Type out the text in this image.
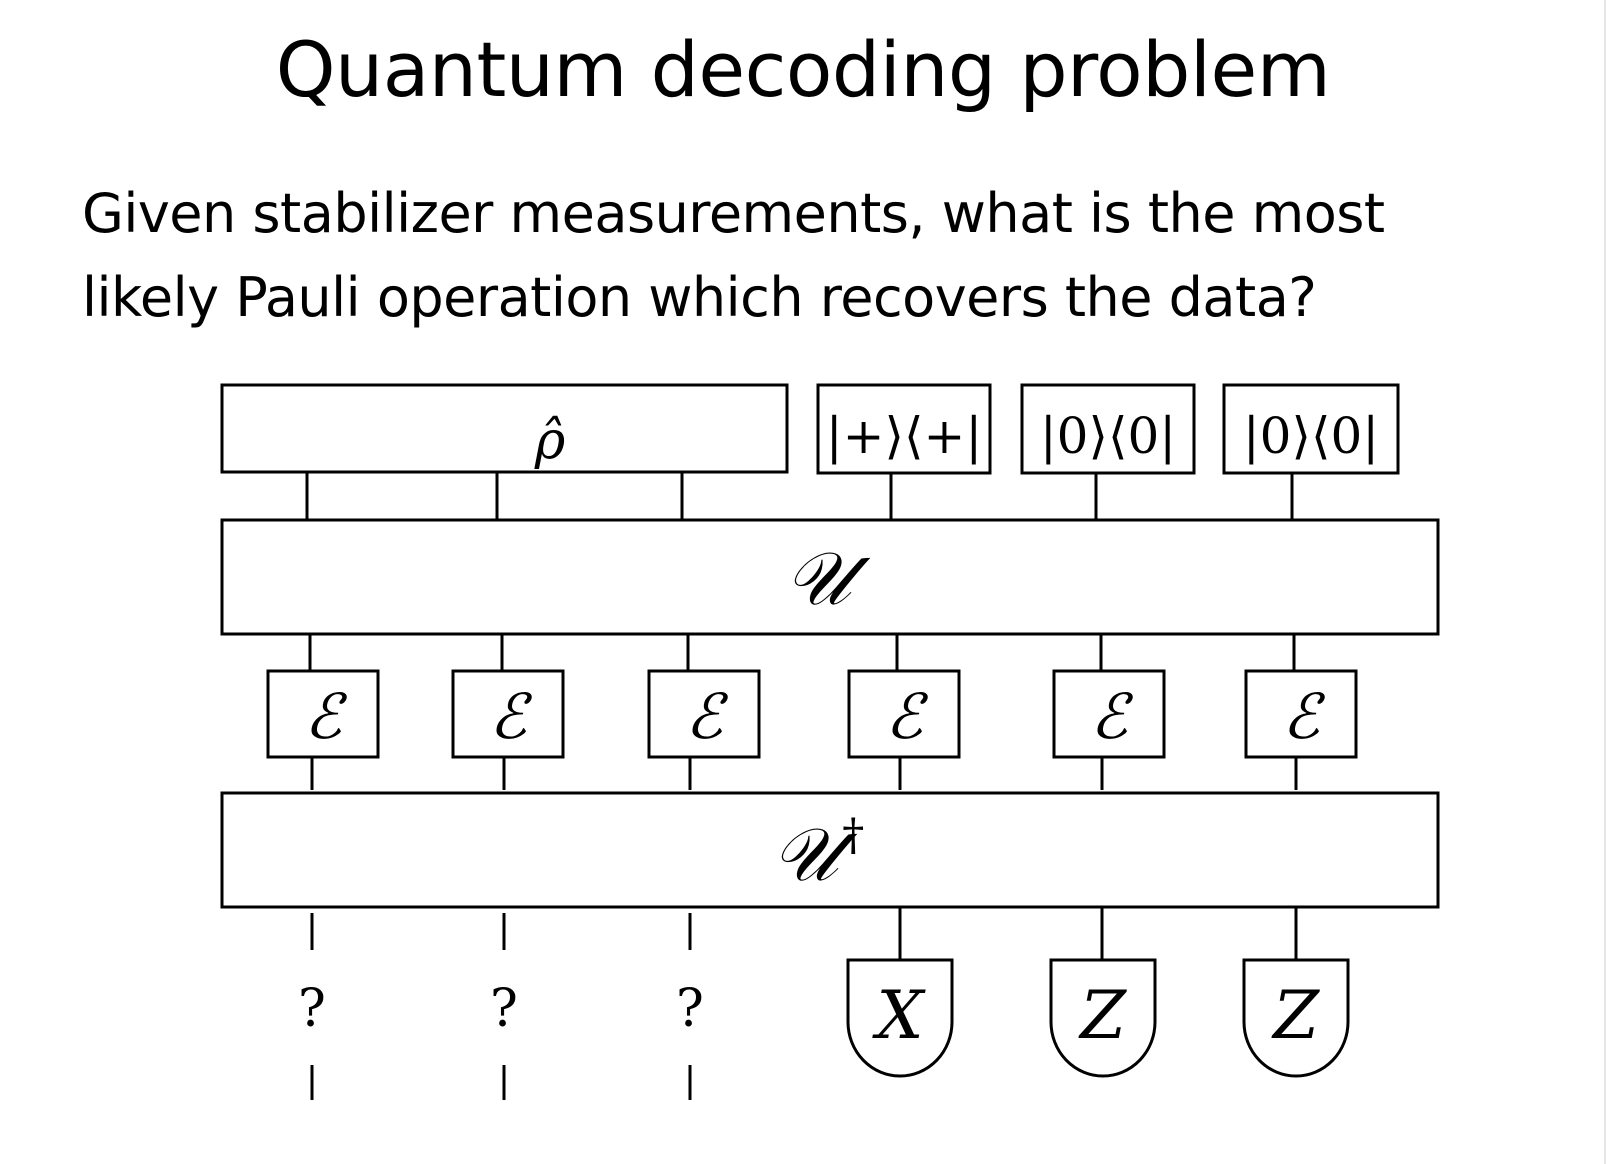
Quantum decoding problem
Given stabilizer measurements, what is the most
likely Pauli operation which recovers the data?
ρ̂	|+⟩⟨+| |0⟩⟨0| |0⟩⟨0|
𝒰
ℰ ℰ	ℰ	ℰ	ℰ ℰ
𝒰†
?	?	?	X Z Z
